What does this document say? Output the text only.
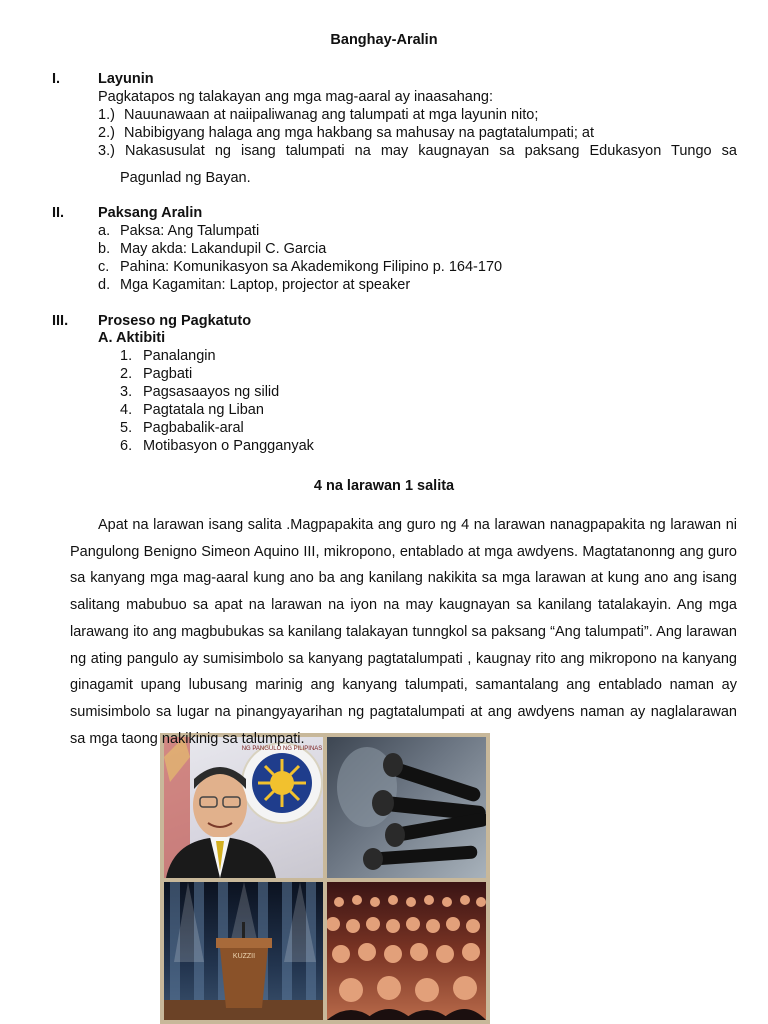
Banghay-Aralin
I.	Layunin
Pagkatapos ng talakayan ang mga mag-aaral ay inaasahang:
1.) Nauunawaan at naiipaliwanag ang talumpati at mga layunin nito;
2.) Nabibigyang halaga ang mga hakbang sa mahusay na pagtatalumpati; at
3.) Nakasusulat ng isang talumpati na may kaugnayan sa paksang Edukasyon Tungo sa
Pagunlad ng Bayan.
II. Paksang Aralin
a. Paksa: Ang Talumpati
b. May akda: Lakandupil C. Garcia
c. Pahina: Komunikasyon sa Akademikong Filipino p. 164-170
d. Mga Kagamitan: Laptop, projector at speaker
III. Proseso ng Pagkatuto
A. Aktibiti
1. Panalangin
2. Pagbati
3. Pagsasaayos ng silid
4. Pagtatala ng Liban
5. Pagbabalik-aral
6. Motibasyon o Pangganyak
4 na larawan 1 salita
NG PANGULO NG PILIPINAS
KUZZII
Apat na larawan isang salita .Magpapakita ang guro ng 4 na larawan nanagpapakita ng larawan ni Pangulong Benigno Simeon Aquino III, mikropono, entablado at mga awdyens. Magtatanonng ang guro sa kanyang mga mag-aaral kung ano ba ang kanilang nakikita sa mga larawan at kung ano ang isang salitang mabubuo sa apat na larawan na iyon na may kaugnayan sa kanilang tatalakayin. Ang mga larawang ito ang magbubukas sa kanilang talakayan tunngkol sa paksang “Ang talumpati”. Ang larawan ng ating pangulo ay sumisimbolo sa kanyang pagtatalumpati , kaugnay rito ang mikropono na kanyang ginagamit upang lubusang marinig ang kanyang talumpati, samantalang ang entablado naman ay sumisimbolo sa lugar na pinangyayarihan ng pagtatalumpati at ang awdyens naman ay naglalarawan sa mga taong nakikinig sa talumpati.
